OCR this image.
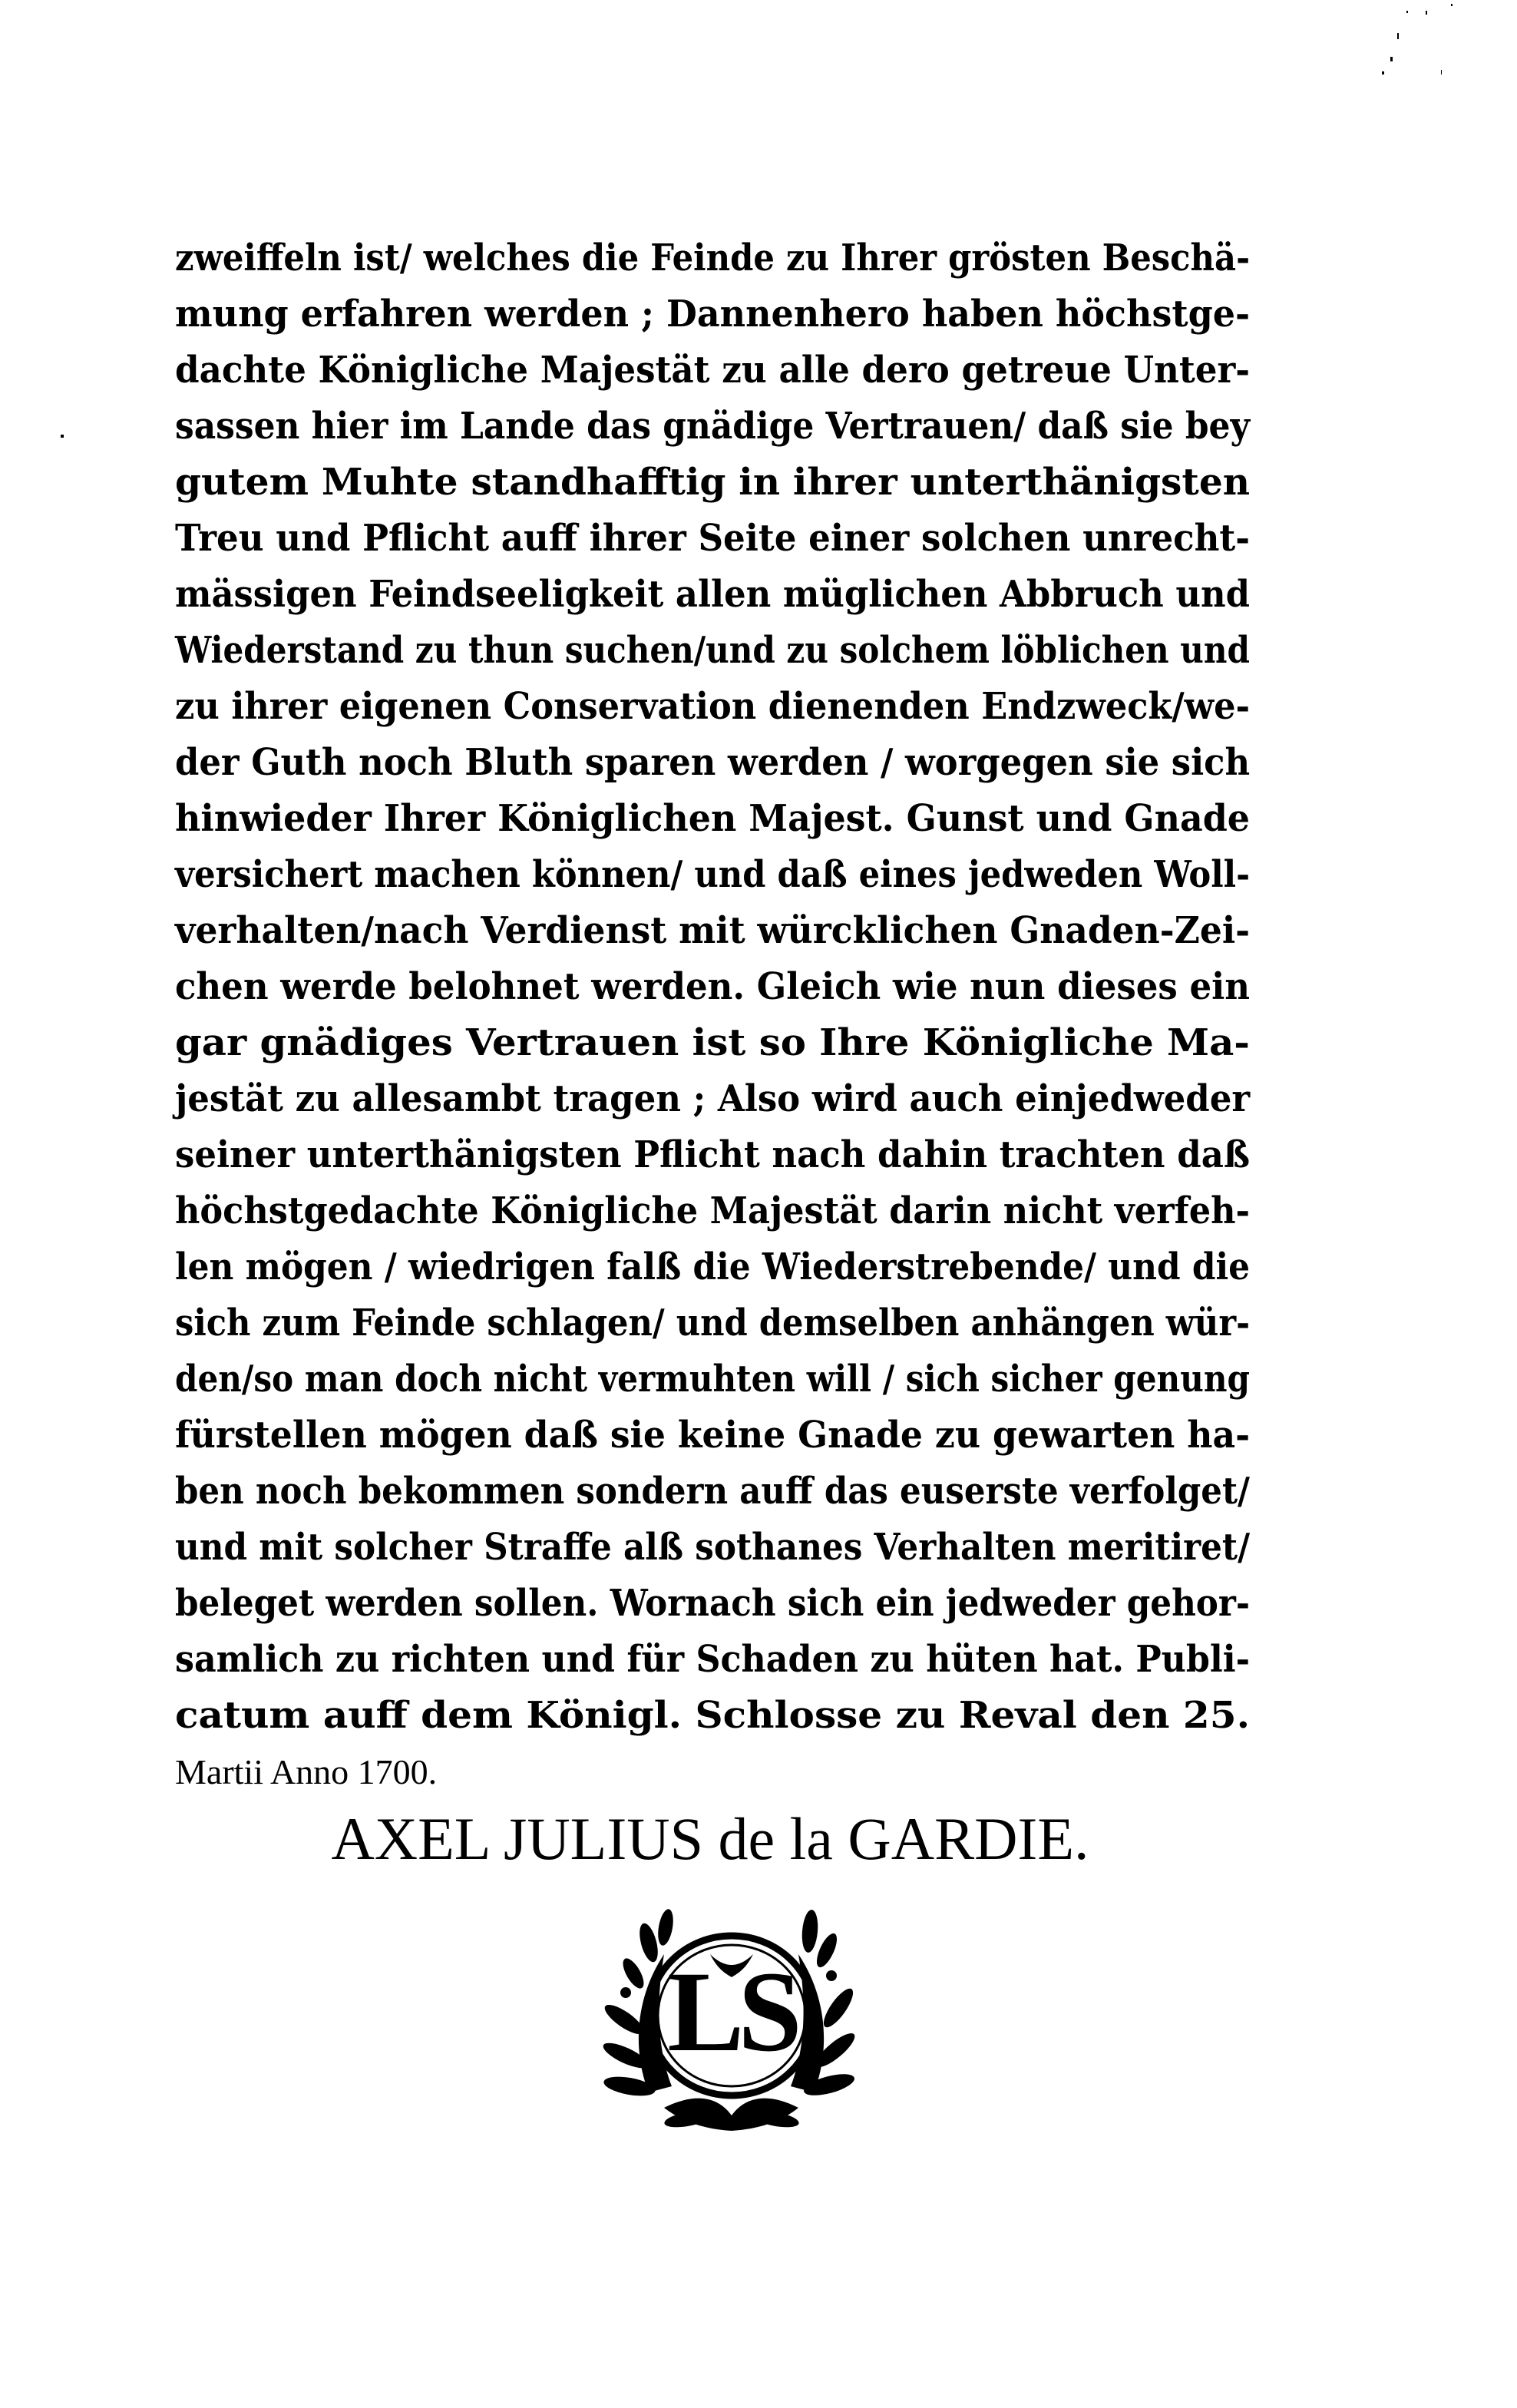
zweiffeln ist/ welches die Feinde zu Ihrer grösten Beschä-
mung erfahren werden ; Dannenhero haben höchstge-
dachte Königliche Majestät zu alle dero getreue Unter-
sassen hier im Lande das gnädige Vertrauen/ daß sie bey
gutem Muhte standhafftig in ihrer unterthänigsten
Treu und Pflicht auff ihrer Seite einer solchen unrecht-
mässigen Feindseeligkeit allen müglichen Abbruch und
Wiederstand zu thun suchen/und zu solchem löblichen und
zu ihrer eigenen Conservation dienenden Endzweck/we-
der Guth noch Bluth sparen werden / worgegen sie sich
hinwieder Ihrer Königlichen Majest. Gunst und Gnade
versichert machen können/ und daß eines jedweden Woll-
verhalten/nach Verdienst mit würcklichen Gnaden-Zei-
chen werde belohnet werden. Gleich wie nun dieses ein
gar gnädiges Vertrauen ist so Ihre Königliche Ma-
jestät zu allesambt tragen ; Also wird auch einjedweder
seiner unterthänigsten Pflicht nach dahin trachten daß
höchstgedachte Königliche Majestät darin nicht verfeh-
len mögen / wiedrigen falß die Wiederstrebende/ und die
sich zum Feinde schlagen/ und demselben anhängen wür-
den/so man doch nicht vermuhten will / sich sicher genung
fürstellen mögen daß sie keine Gnade zu gewarten ha-
ben noch bekommen sondern auff das euserste verfolget/
und mit solcher Straffe alß sothanes Verhalten meritiret/
beleget werden sollen. Wornach sich ein jedweder gehor-
samlich zu richten und für Schaden zu hüten hat. Publi-
catum auff dem Königl. Schlosse zu Reval den 25.
Martii Anno 1700.
AXEL JULIUS de la GARDIE.
LS
